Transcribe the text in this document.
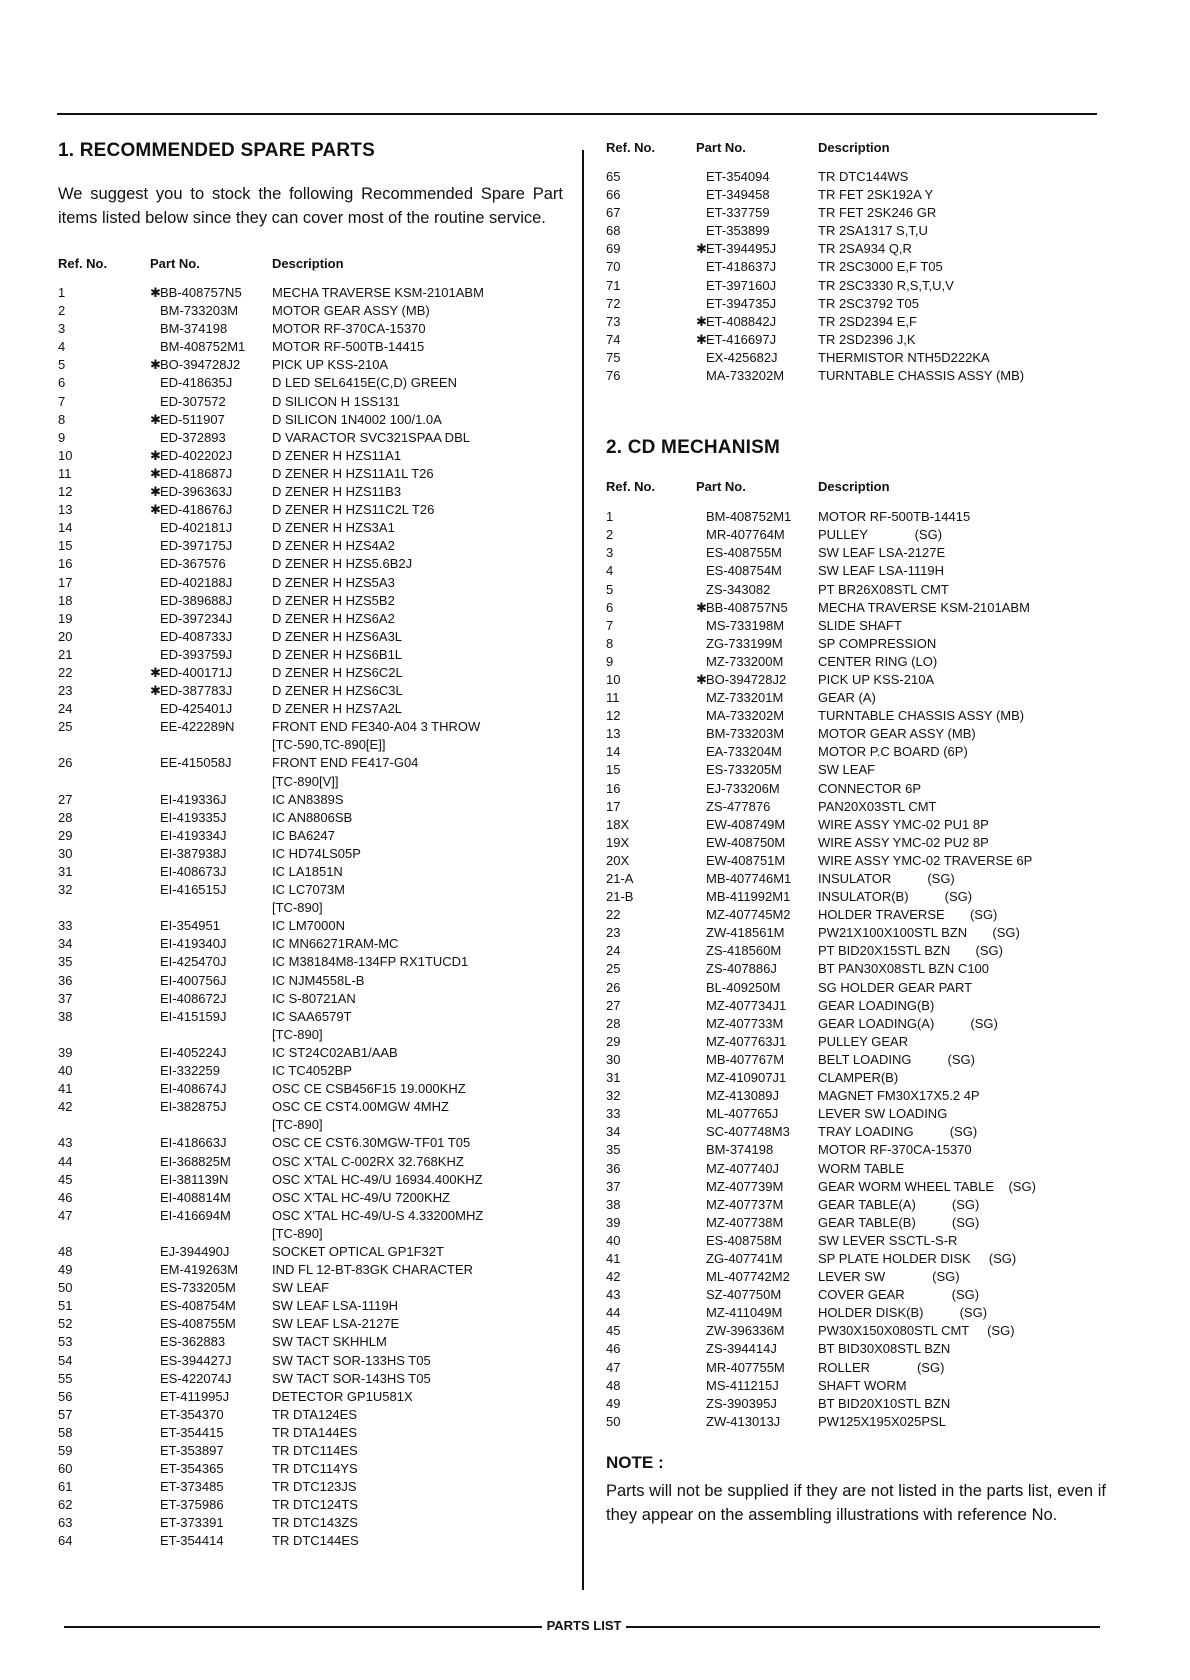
1. RECOMMENDED SPARE PARTS

We suggest you to stock the following Recommended Spare Part items listed below since they can cover most of the routine service.

Ref. No.	Part No.	Description
1	✱BB-408757N5	MECHA TRAVERSE KSM-2101ABM
2	BM-733203M	MOTOR GEAR ASSY (MB)
3	BM-374198	MOTOR RF-370CA-15370
4	BM-408752M1	MOTOR RF-500TB-14415
5	✱BO-394728J2	PICK UP KSS-210A
6	ED-418635J	D LED SEL6415E(C,D) GREEN
7	ED-307572	D SILICON H 1SS131
8	✱ED-511907	D SILICON 1N4002 100/1.0A
9	ED-372893	D VARACTOR SVC321SPAA DBL
10	✱ED-402202J	D ZENER H HZS11A1
11	✱ED-418687J	D ZENER H HZS11A1L T26
12	✱ED-396363J	D ZENER H HZS11B3
13	✱ED-418676J	D ZENER H HZS11C2L T26
14	ED-402181J	D ZENER H HZS3A1
15	ED-397175J	D ZENER H HZS4A2
16	ED-367576	D ZENER H HZS5.6B2J
17	ED-402188J	D ZENER H HZS5A3
18	ED-389688J	D ZENER H HZS5B2
19	ED-397234J	D ZENER H HZS6A2
20	ED-408733J	D ZENER H HZS6A3L
21	ED-393759J	D ZENER H HZS6B1L
22	✱ED-400171J	D ZENER H HZS6C2L
23	✱ED-387783J	D ZENER H HZS6C3L
24	ED-425401J	D ZENER H HZS7A2L
25	EE-422289N	FRONT END FE340-A04 3 THROW
[TC-590,TC-890[E]]
26	EE-415058J	FRONT END FE417-G04
[TC-890[V]]
27	EI-419336J	IC AN8389S
28	EI-419335J	IC AN8806SB
29	EI-419334J	IC BA6247
30	EI-387938J	IC HD74LS05P
31	EI-408673J	IC LA1851N
32	EI-416515J	IC LC7073M
[TC-890]
33	EI-354951	IC LM7000N
34	EI-419340J	IC MN66271RAM-MC
35	EI-425470J	IC M38184M8-134FP RX1TUCD1
36	EI-400756J	IC NJM4558L-B
37	EI-408672J	IC S-80721AN
38	EI-415159J	IC SAA6579T
[TC-890]
39	EI-405224J	IC ST24C02AB1/AAB
40	EI-332259	IC TC4052BP
41	EI-408674J	OSC CE CSB456F15 19.000KHZ
42	EI-382875J	OSC CE CST4.00MGW 4MHZ
[TC-890]
43	EI-418663J	OSC CE CST6.30MGW-TF01 T05
44	EI-368825M	OSC X'TAL C-002RX 32.768KHZ
45	EI-381139N	OSC X'TAL HC-49/U 16934.400KHZ
46	EI-408814M	OSC X'TAL HC-49/U 7200KHZ
47	EI-416694M	OSC X'TAL HC-49/U-S 4.33200MHZ
[TC-890]
48	EJ-394490J	SOCKET OPTICAL GP1F32T
49	EM-419263M	IND FL 12-BT-83GK CHARACTER
50	ES-733205M	SW LEAF
51	ES-408754M	SW LEAF LSA-1119H
52	ES-408755M	SW LEAF LSA-2127E
53	ES-362883	SW TACT SKHHLM
54	ES-394427J	SW TACT SOR-133HS T05
55	ES-422074J	SW TACT SOR-143HS T05
56	ET-411995J	DETECTOR GP1U581X
57	ET-354370	TR DTA124ES
58	ET-354415	TR DTA144ES
59	ET-353897	TR DTC114ES
60	ET-354365	TR DTC114YS
61	ET-373485	TR DTC123JS
62	ET-375986	TR DTC124TS
63	ET-373391	TR DTC143ZS
64	ET-354414	TR DTC144ES
Ref. No.	Part No.	Description
65	ET-354094	TR DTC144WS
66	ET-349458	TR FET 2SK192A Y
67	ET-337759	TR FET 2SK246 GR
68	ET-353899	TR 2SA1317 S,T,U
69	✱ET-394495J	TR 2SA934 Q,R
70	ET-418637J	TR 2SC3000 E,F T05
71	ET-397160J	TR 2SC3330 R,S,T,U,V
72	ET-394735J	TR 2SC3792 T05
73	✱ET-408842J	TR 2SD2394 E,F
74	✱ET-416697J	TR 2SD2396 J,K
75	EX-425682J	THERMISTOR NTH5D222KA
76	MA-733202M	TURNTABLE CHASSIS ASSY (MB)
2. CD MECHANISM
Ref. No.	Part No.	Description
1	BM-408752M1	MOTOR RF-500TB-14415
2	MR-407764M	PULLEY             (SG)
3	ES-408755M	SW LEAF LSA-2127E
4	ES-408754M	SW LEAF LSA-1119H
5	ZS-343082	PT BR26X08STL CMT
6	✱BB-408757N5	MECHA TRAVERSE KSM-2101ABM
7	MS-733198M	SLIDE SHAFT
8	ZG-733199M	SP COMPRESSION
9	MZ-733200M	CENTER RING (LO)
10	✱BO-394728J2	PICK UP KSS-210A
11	MZ-733201M	GEAR (A)
12	MA-733202M	TURNTABLE CHASSIS ASSY (MB)
13	BM-733203M	MOTOR GEAR ASSY (MB)
14	EA-733204M	MOTOR P.C BOARD (6P)
15	ES-733205M	SW LEAF
16	EJ-733206M	CONNECTOR 6P
17	ZS-477876	PAN20X03STL CMT
18X	EW-408749M	WIRE ASSY YMC-02 PU1 8P
19X	EW-408750M	WIRE ASSY YMC-02 PU2 8P
20X	EW-408751M	WIRE ASSY YMC-02 TRAVERSE 6P
21-A	MB-407746M1	INSULATOR          (SG)
21-B	MB-411992M1	INSULATOR(B)          (SG)
22	MZ-407745M2	HOLDER TRAVERSE       (SG)
23	ZW-418561M	PW21X100X100STL BZN       (SG)
24	ZS-418560M	PT BID20X15STL BZN       (SG)
25	ZS-407886J	BT PAN30X08STL BZN C100
26	BL-409250M	SG HOLDER GEAR PART
27	MZ-407734J1	GEAR LOADING(B)
28	MZ-407733M	GEAR LOADING(A)          (SG)
29	MZ-407763J1	PULLEY GEAR
30	MB-407767M	BELT LOADING          (SG)
31	MZ-410907J1	CLAMPER(B)
32	MZ-413089J	MAGNET FM30X17X5.2 4P
33	ML-407765J	LEVER SW LOADING
34	SC-407748M3	TRAY LOADING          (SG)
35	BM-374198	MOTOR RF-370CA-15370
36	MZ-407740J	WORM TABLE
37	MZ-407739M	GEAR WORM WHEEL TABLE    (SG)
38	MZ-407737M	GEAR TABLE(A)          (SG)
39	MZ-407738M	GEAR TABLE(B)          (SG)
40	ES-408758M	SW LEVER SSCTL-S-R
41	ZG-407741M	SP PLATE HOLDER DISK     (SG)
42	ML-407742M2	LEVER SW             (SG)
43	SZ-407750M	COVER GEAR             (SG)
44	MZ-411049M	HOLDER DISK(B)          (SG)
45	ZW-396336M	PW30X150X080STL CMT     (SG)
46	ZS-394414J	BT BID30X08STL BZN
47	MR-407755M	ROLLER             (SG)
48	MS-411215J	SHAFT WORM
49	ZS-390395J	BT BID20X10STL BZN
50	ZW-413013J	PW125X195X025PSL

NOTE :

Parts will not be supplied if they are not listed in the parts list, even if they appear on the assembling illustrations with reference No.

PARTS LIST
